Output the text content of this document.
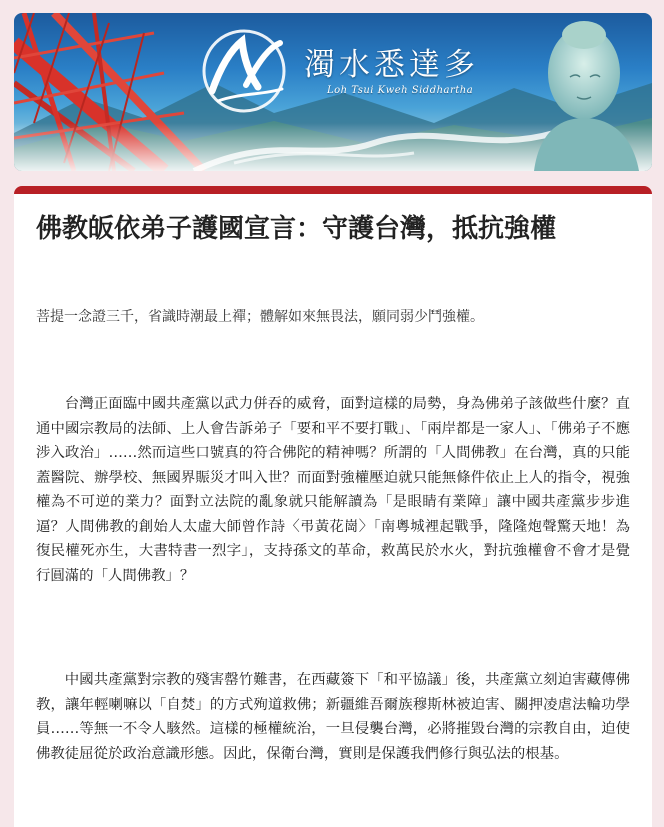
濁水悉達多
Loh Tsui Kweh Siddhartha
佛教皈依弟子護國宣言：守護台灣，抵抗強權
菩提一念證三千，省識時潮最上禪；體解如來無畏法，願同弱少鬥強權。

台灣正面臨中國共產黨以武力併吞的威脅，面對這樣的局勢，身為佛弟子該做些什麼？直通中國宗教局的法師、上人會告訴弟子「要和平不要打戰」、「兩岸都是一家人」、「佛弟子不應涉入政治」……然而這些口號真的符合佛陀的精神嗎？所謂的「人間佛教」在台灣，真的只能蓋醫院、辦學校、無國界賑災才叫入世？而面對強權壓迫就只能無條件依止上人的指令，視強權為不可逆的業力？面對立法院的亂象就只能解讀為「是眼睛有業障」讓中國共產黨步步進逼？人間佛教的創始人太虛大師曾作詩〈弔黃花崗〉「南粵城裡起戰爭，隆隆炮聲驚天地！為復民權死亦生，大書特書一烈字」，支持孫文的革命，救萬民於水火，對抗強權會不會才是覺行圓滿的「人間佛教」？

中國共產黨對宗教的殘害罄竹難書，在西藏簽下「和平協議」後，共產黨立刻迫害藏傳佛教，讓年輕喇嘛以「自焚」的方式殉道救佛；新疆維吾爾族穆斯林被迫害、關押凌虐法輪功學員……等無一不令人駭然。這樣的極權統治，一旦侵襲台灣，必將摧毀台灣的宗教自由，迫使佛教徒屈從於政治意識形態。因此，保衛台灣，實則是保護我們修行與弘法的根基。
